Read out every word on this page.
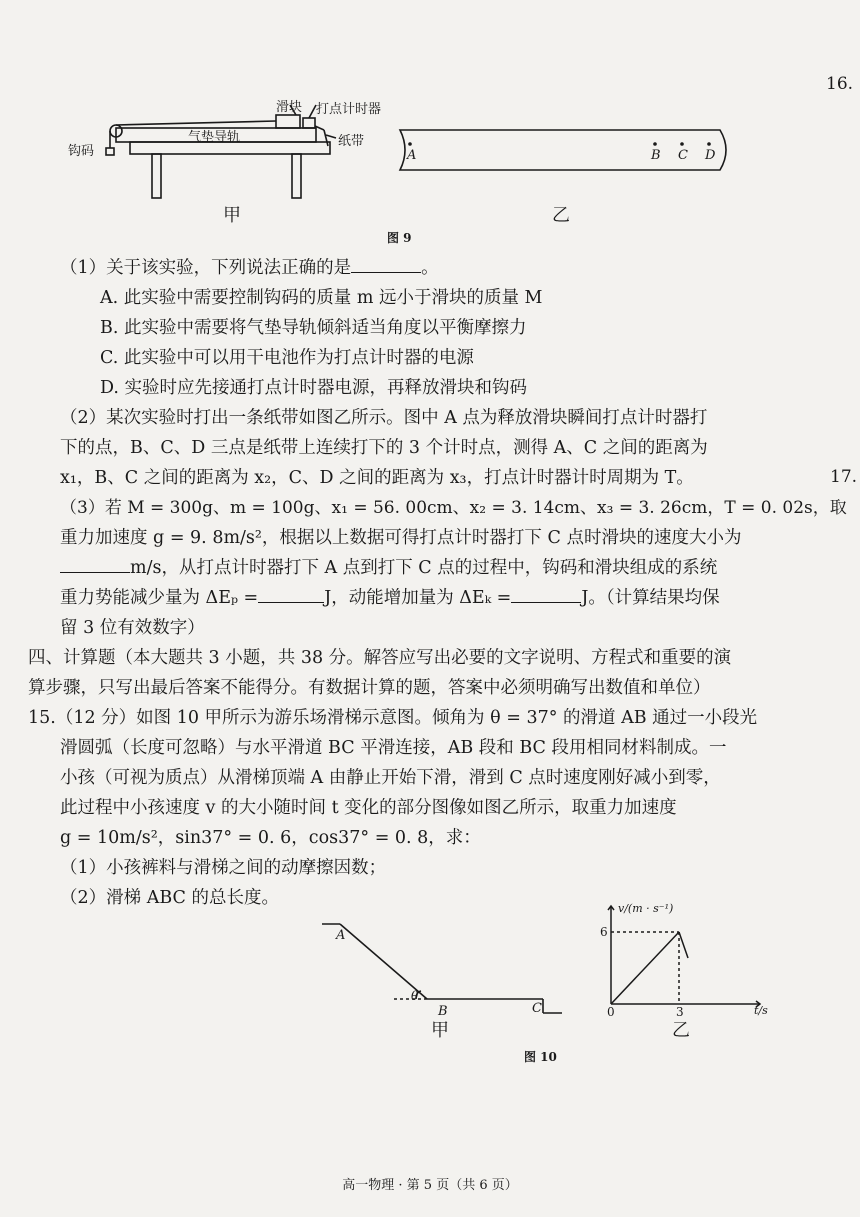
16.
17.
滑块 打点计时器
气垫导轨	纸带
钩码	A	B C D
甲	乙
图 9
（1）关于该实验，下列说法正确的是	。
A. 此实验中需要控制钩码的质量 m 远小于滑块的质量 M
B. 此实验中需要将气垫导轨倾斜适当角度以平衡摩擦力
C. 此实验中可以用干电池作为打点计时器的电源
D. 实验时应先接通打点计时器电源，再释放滑块和钩码
（2）某次实验时打出一条纸带如图乙所示。图中 A 点为释放滑块瞬间打点计时器打
下的点，B、C、D 三点是纸带上连续打下的 3 个计时点，测得 A、C 之间的距离为
x₁，B、C 之间的距离为 x₂，C、D 之间的距离为 x₃，打点计时器计时周期为 T。
（3）若 M = 300g、m = 100g、x₁ = 56. 00cm、x₂ = 3. 14cm、x₃ = 3. 26cm，T = 0. 02s，取
重力加速度 g = 9. 8m/s²，根据以上数据可得打点计时器打下 C 点时滑块的速度大小为
m/s，从打点计时器打下 A 点到打下 C 点的过程中，钩码和滑块组成的系统
重力势能减少量为 ΔEₚ =	J，动能增加量为 ΔEₖ =	J。（计算结果均保
留 3 位有效数字）
四、计算题（本大题共 3 小题，共 38 分。解答应写出必要的文字说明、方程式和重要的演
算步骤，只写出最后答案不能得分。有数据计算的题，答案中必须明确写出数值和单位）
15.（12 分）如图 10 甲所示为游乐场滑梯示意图。倾角为 θ = 37° 的滑道 AB 通过一小段光
滑圆弧（长度可忽略）与水平滑道 BC 平滑连接，AB 段和 BC 段用相同材料制成。一
小孩（可视为质点）从滑梯顶端 A 由静止开始下滑，滑到 C 点时速度刚好减小到零，
此过程中小孩速度 v 的大小随时间 t 变化的部分图像如图乙所示，取重力加速度
g = 10m/s²，sin37° = 0. 6，cos37° = 0. 8，求：
（1）小孩裤料与滑梯之间的动摩擦因数；
（2）滑梯 ABC 的总长度。
A
B	C
θ
v/(m · s⁻¹)
t/s
0
6
3
甲	乙
图 10
高一物理 · 第 5 页（共 6 页）
